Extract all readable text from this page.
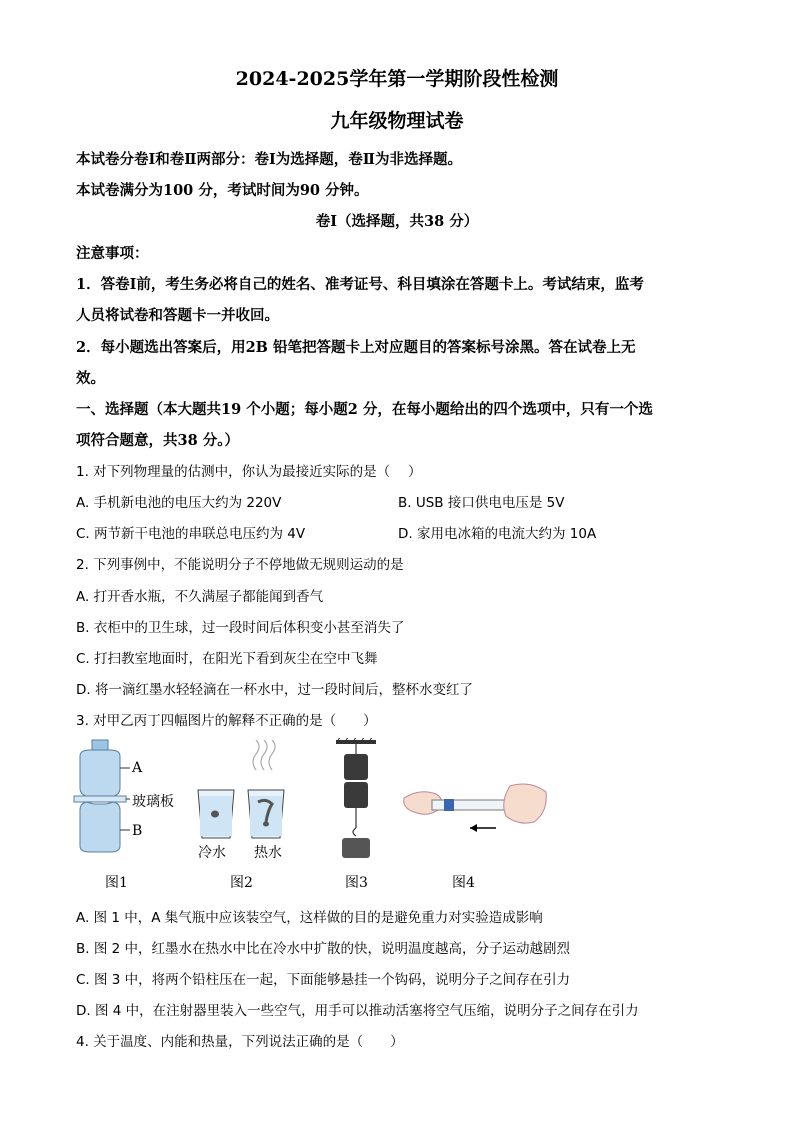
2024-2025学年第一学期阶段性检测
九年级物理试卷
本试卷分卷Ⅰ和卷Ⅱ两部分：卷Ⅰ为选择题，卷Ⅱ为非选择题。
本试卷满分为100 分，考试时间为90 分钟。
卷Ⅰ（选择题，共38 分）
注意事项：
1．答卷Ⅰ前，考生务必将自己的姓名、准考证号、科目填涂在答题卡上。考试结束，监考
人员将试卷和答题卡一并收回。
2．每小题选出答案后，用2B 铅笔把答题卡上对应题目的答案标号涂黑。答在试卷上无
效。
一、选择题（本大题共19 个小题；每小题2 分，在每小题给出的四个选项中，只有一个选
项符合题意，共38 分。）
1. 对下列物理量的估测中，你认为最接近实际的是（　 ）
A. 手机新电池的电压大约为 220V	B. USB 接口供电电压是 5V
C. 两节新干电池的串联总电压约为 4V	D. 家用电冰箱的电流大约为 10A
2. 下列事例中，不能说明分子不停地做无规则运动的是
A. 打开香水瓶，不久满屋子都能闻到香气
B. 衣柜中的卫生球，过一段时间后体积变小甚至消失了
C. 打扫教室地面时，在阳光下看到灰尘在空中飞舞
D. 将一滴红墨水轻轻滴在一杯水中，过一段时间后，整杯水变红了
3. 对甲乙丙丁四幅图片的解释不正确的是（　　）
A
玻璃板
B
冷水 热水
图1	图2	图3	图4
A. 图 1 中，A 集气瓶中应该装空气，这样做的目的是避免重力对实验造成影响
B. 图 2 中，红墨水在热水中比在冷水中扩散的快，说明温度越高，分子运动越剧烈
C. 图 3 中，将两个铅柱压在一起，下面能够悬挂一个钩码，说明分子之间存在引力
D. 图 4 中，在注射器里装入一些空气，用手可以推动活塞将空气压缩，说明分子之间存在引力
4. 关于温度、内能和热量，下列说法正确的是（　　）
